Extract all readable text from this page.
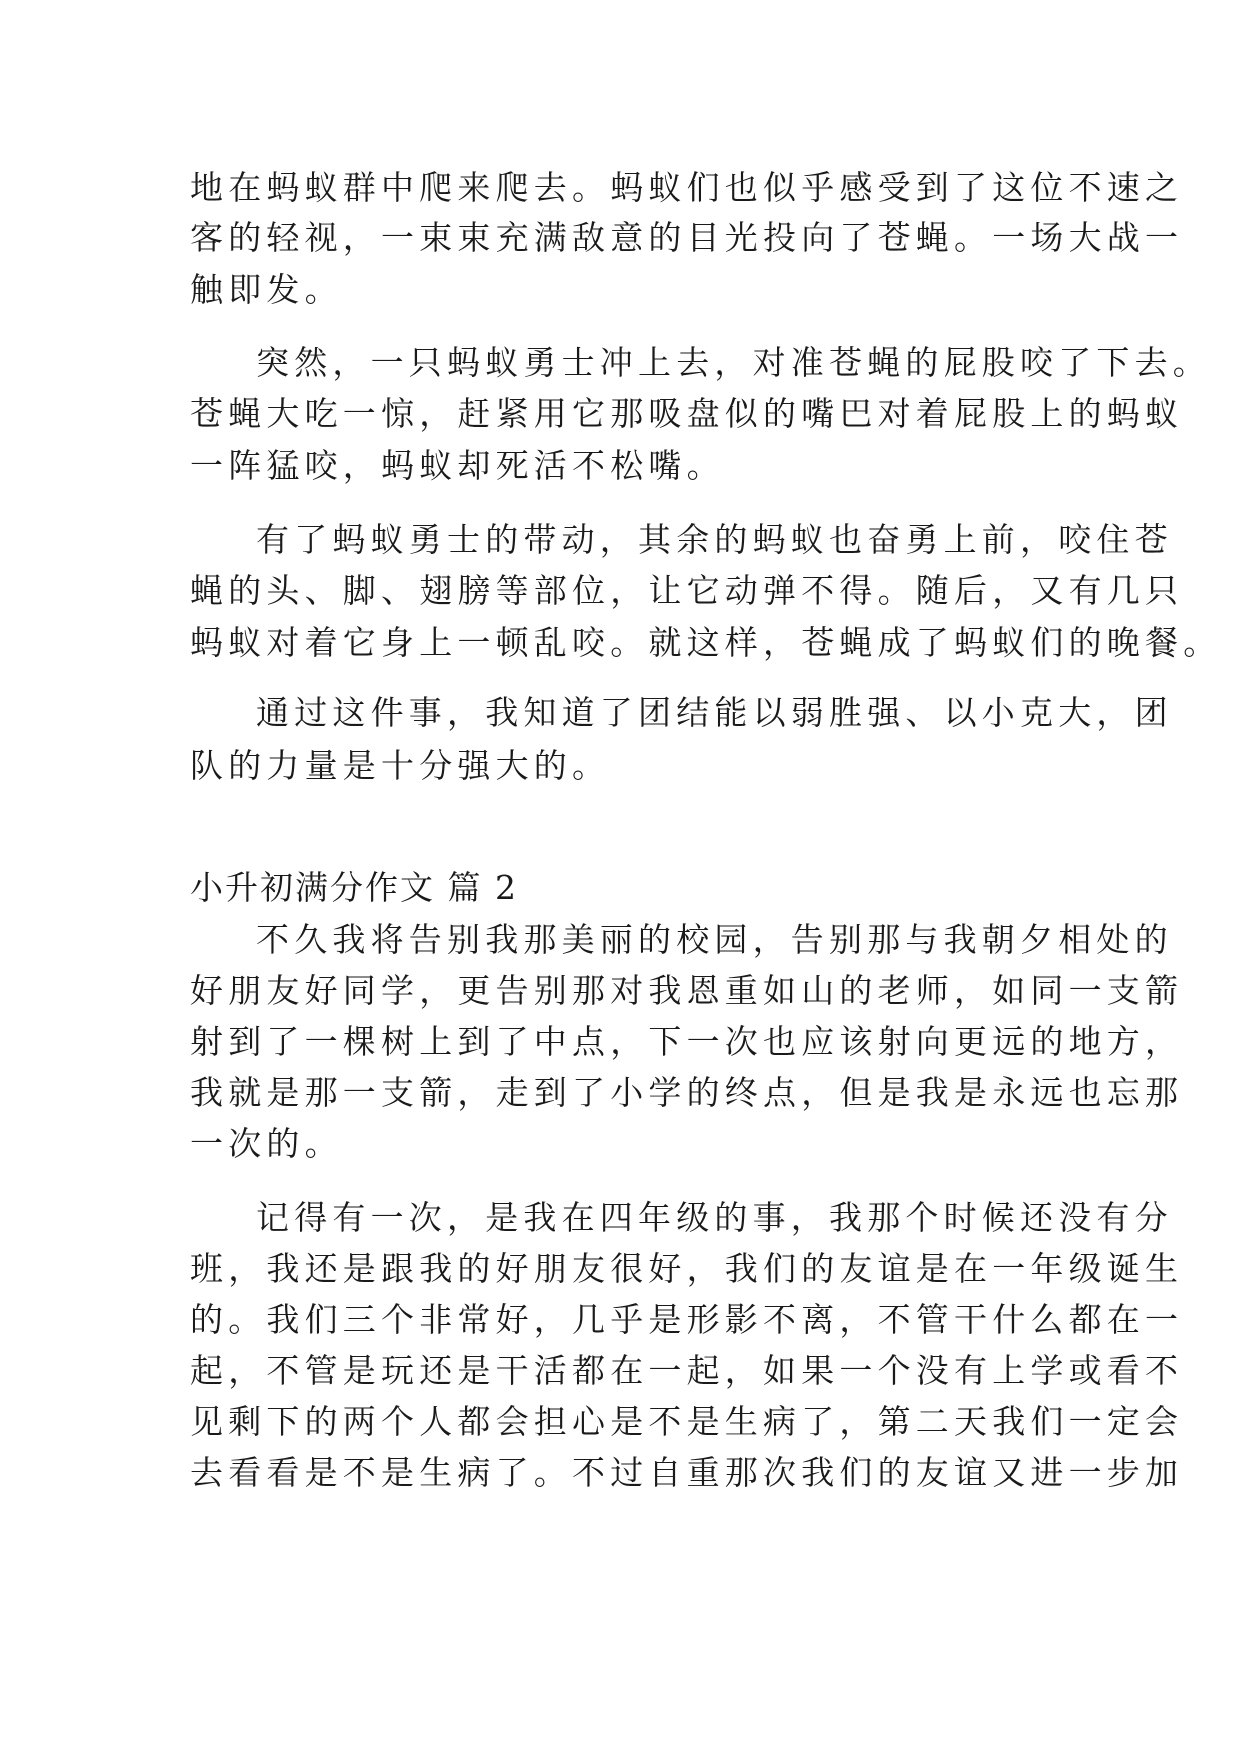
地在蚂蚁群中爬来爬去。蚂蚁们也似乎感受到了这位不速之
客的轻视，一束束充满敌意的目光投向了苍蝇。一场大战一
触即发。
突然，一只蚂蚁勇士冲上去，对准苍蝇的屁股咬了下去。
苍蝇大吃一惊，赶紧用它那吸盘似的嘴巴对着屁股上的蚂蚁
一阵猛咬，蚂蚁却死活不松嘴。
有了蚂蚁勇士的带动，其余的蚂蚁也奋勇上前，咬住苍
蝇的头、脚、翅膀等部位，让它动弹不得。随后，又有几只
蚂蚁对着它身上一顿乱咬。就这样，苍蝇成了蚂蚁们的晚餐。
通过这件事，我知道了团结能以弱胜强、以小克大，团
队的力量是十分强大的。
小升初满分作文 篇 2
不久我将告别我那美丽的校园，告别那与我朝夕相处的
好朋友好同学，更告别那对我恩重如山的老师，如同一支箭
射到了一棵树上到了中点，下一次也应该射向更远的地方，
我就是那一支箭，走到了小学的终点，但是我是永远也忘那
一次的。
记得有一次，是我在四年级的事，我那个时候还没有分
班，我还是跟我的好朋友很好，我们的友谊是在一年级诞生
的。我们三个非常好，几乎是形影不离，不管干什么都在一
起，不管是玩还是干活都在一起，如果一个没有上学或看不
见剩下的两个人都会担心是不是生病了，第二天我们一定会
去看看是不是生病了。不过自重那次我们的友谊又进一步加
